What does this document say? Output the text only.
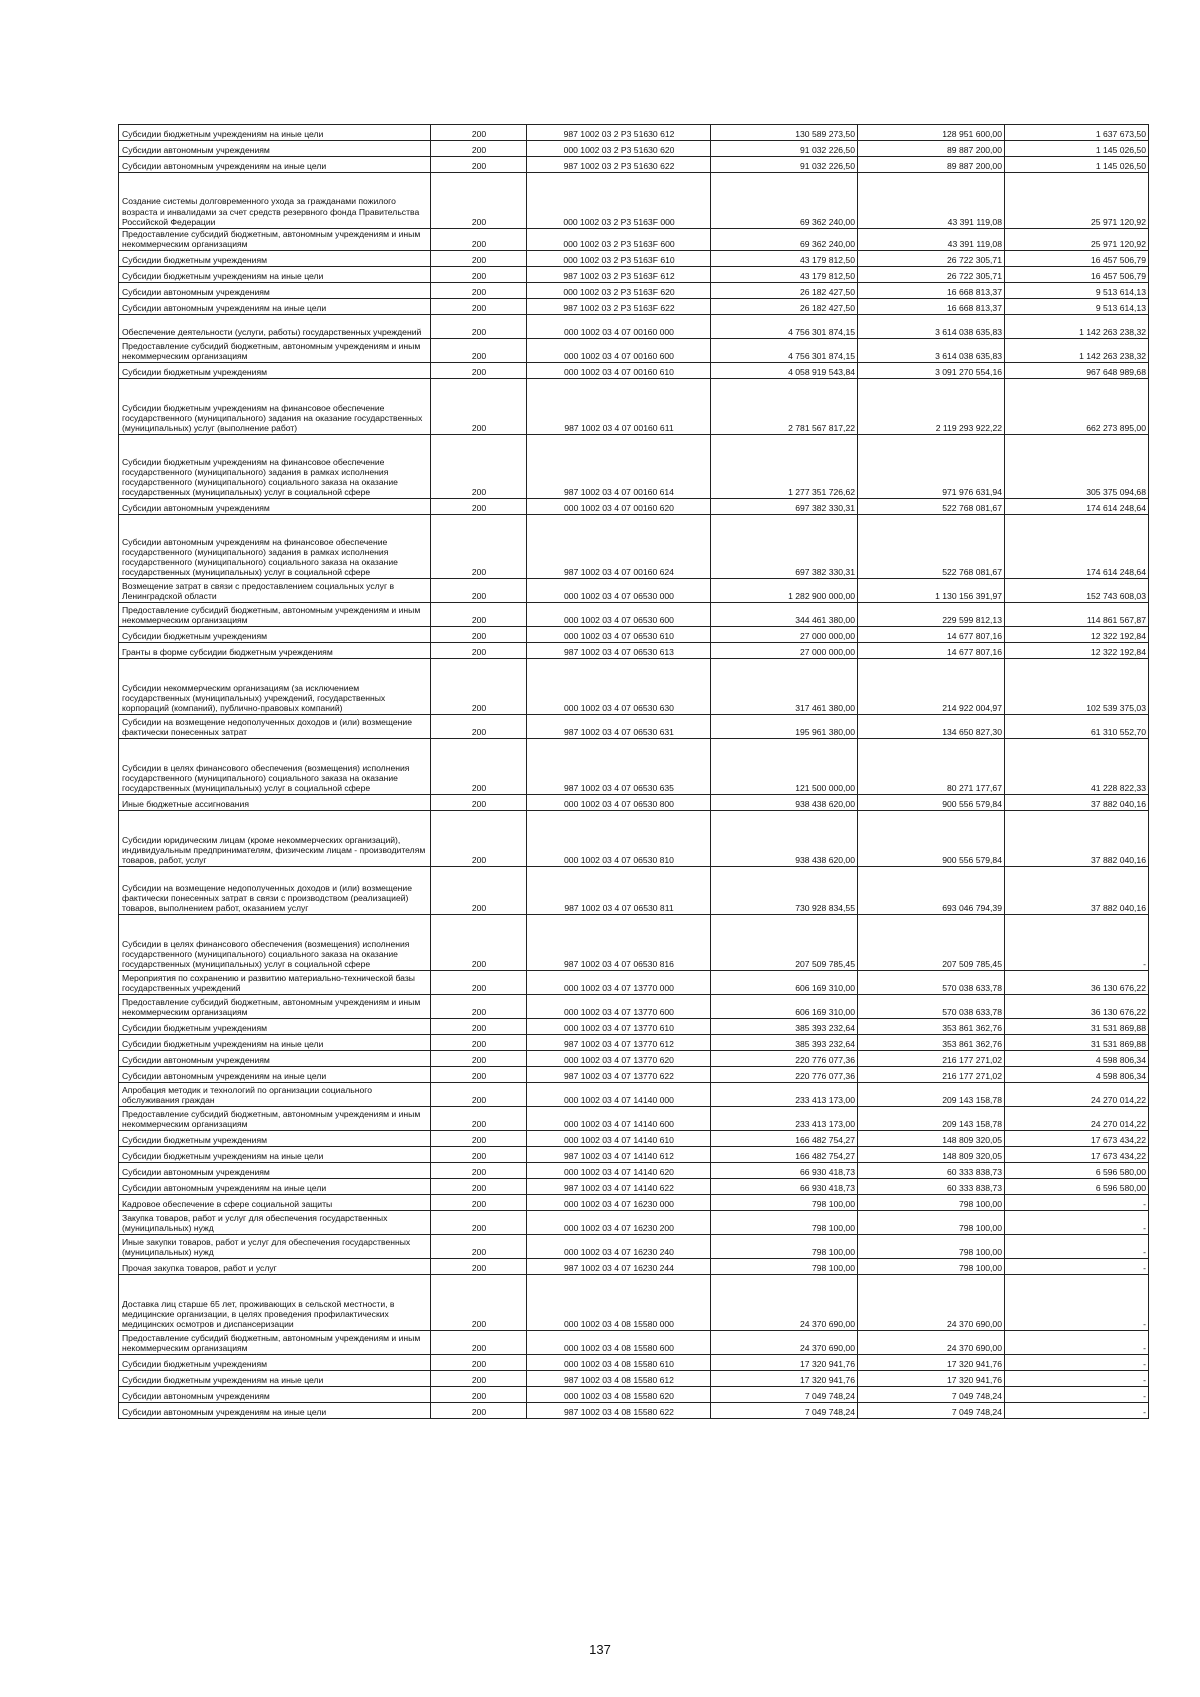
Субсидии бюджетным учреждениям на иные цели	200	987 1002 03 2 P3 51630 612	130 589 273,50	128 951 600,00	1 637 673,50
Субсидии автономным учреждениям	200	000 1002 03 2 P3 51630 620	91 032 226,50	89 887 200,00	1 145 026,50
Субсидии автономным учреждениям на иные цели	200	987 1002 03 2 P3 51630 622	91 032 226,50	89 887 200,00	1 145 026,50
Создание системы долговременного ухода за гражданами пожилого возраста и инвалидами за счет средств резервного фонда Правительства Российской Федерации	200	000 1002 03 2 P3 5163F 000	69 362 240,00	43 391 119,08	25 971 120,92
Предоставление субсидий бюджетным, автономным учреждениям и иным некоммерческим организациям	200	000 1002 03 2 P3 5163F 600	69 362 240,00	43 391 119,08	25 971 120,92
Субсидии бюджетным учреждениям	200	000 1002 03 2 P3 5163F 610	43 179 812,50	26 722 305,71	16 457 506,79
Субсидии бюджетным учреждениям на иные цели	200	987 1002 03 2 P3 5163F 612	43 179 812,50	26 722 305,71	16 457 506,79
Субсидии автономным учреждениям	200	000 1002 03 2 P3 5163F 620	26 182 427,50	16 668 813,37	9 513 614,13
Субсидии автономным учреждениям на иные цели	200	987 1002 03 2 P3 5163F 622	26 182 427,50	16 668 813,37	9 513 614,13
Обеспечение деятельности (услуги, работы) государственных учреждений	200	000 1002 03 4 07 00160 000	4 756 301 874,15	3 614 038 635,83	1 142 263 238,32
Предоставление субсидий бюджетным, автономным учреждениям и иным некоммерческим организациям	200	000 1002 03 4 07 00160 600	4 756 301 874,15	3 614 038 635,83	1 142 263 238,32
Субсидии бюджетным учреждениям	200	000 1002 03 4 07 00160 610	4 058 919 543,84	3 091 270 554,16	967 648 989,68
Субсидии бюджетным учреждениям на финансовое обеспечение государственного (муниципального) задания на оказание государственных (муниципальных) услуг (выполнение работ)	200	987 1002 03 4 07 00160 611	2 781 567 817,22	2 119 293 922,22	662 273 895,00
Субсидии бюджетным учреждениям на финансовое обеспечение государственного (муниципального) задания в рамках исполнения государственного (муниципального) социального заказа на оказание государственных (муниципальных) услуг в социальной сфере	200	987 1002 03 4 07 00160 614	1 277 351 726,62	971 976 631,94	305 375 094,68
Субсидии автономным учреждениям	200	000 1002 03 4 07 00160 620	697 382 330,31	522 768 081,67	174 614 248,64
Субсидии автономным учреждениям на финансовое обеспечение государственного (муниципального) задания в рамках исполнения государственного (муниципального) социального заказа на оказание государственных (муниципальных) услуг в социальной сфере	200	987 1002 03 4 07 00160 624	697 382 330,31	522 768 081,67	174 614 248,64
Возмещение затрат в связи с предоставлением социальных услуг в Ленинградской области	200	000 1002 03 4 07 06530 000	1 282 900 000,00	1 130 156 391,97	152 743 608,03
Предоставление субсидий бюджетным, автономным учреждениям и иным некоммерческим организациям	200	000 1002 03 4 07 06530 600	344 461 380,00	229 599 812,13	114 861 567,87
Субсидии бюджетным учреждениям	200	000 1002 03 4 07 06530 610	27 000 000,00	14 677 807,16	12 322 192,84
Гранты в форме субсидии бюджетным учреждениям	200	987 1002 03 4 07 06530 613	27 000 000,00	14 677 807,16	12 322 192,84
Субсидии некоммерческим организациям (за исключением государственных (муниципальных) учреждений, государственных корпораций (компаний), публично-правовых компаний)	200	000 1002 03 4 07 06530 630	317 461 380,00	214 922 004,97	102 539 375,03
Субсидии на возмещение недополученных доходов и (или) возмещение фактически понесенных затрат	200	987 1002 03 4 07 06530 631	195 961 380,00	134 650 827,30	61 310 552,70
Субсидии в целях финансового обеспечения (возмещения) исполнения государственного (муниципального) социального заказа на оказание государственных (муниципальных) услуг в социальной сфере	200	987 1002 03 4 07 06530 635	121 500 000,00	80 271 177,67	41 228 822,33
Иные бюджетные ассигнования	200	000 1002 03 4 07 06530 800	938 438 620,00	900 556 579,84	37 882 040,16
Субсидии юридическим лицам (кроме некоммерческих организаций), индивидуальным предпринимателям, физическим лицам - производителям товаров, работ, услуг	200	000 1002 03 4 07 06530 810	938 438 620,00	900 556 579,84	37 882 040,16
Субсидии на возмещение недополученных доходов и (или) возмещение фактически понесенных затрат в связи с производством (реализацией) товаров, выполнением работ, оказанием услуг	200	987 1002 03 4 07 06530 811	730 928 834,55	693 046 794,39	37 882 040,16
Субсидии в целях финансового обеспечения (возмещения) исполнения государственного (муниципального) социального заказа на оказание государственных (муниципальных) услуг в социальной сфере	200	987 1002 03 4 07 06530 816	207 509 785,45	207 509 785,45	-
Мероприятия по сохранению и развитию материально-технической базы государственных учреждений	200	000 1002 03 4 07 13770 000	606 169 310,00	570 038 633,78	36 130 676,22
Предоставление субсидий бюджетным, автономным учреждениям и иным некоммерческим организациям	200	000 1002 03 4 07 13770 600	606 169 310,00	570 038 633,78	36 130 676,22
Субсидии бюджетным учреждениям	200	000 1002 03 4 07 13770 610	385 393 232,64	353 861 362,76	31 531 869,88
Субсидии бюджетным учреждениям на иные цели	200	987 1002 03 4 07 13770 612	385 393 232,64	353 861 362,76	31 531 869,88
Субсидии автономным учреждениям	200	000 1002 03 4 07 13770 620	220 776 077,36	216 177 271,02	4 598 806,34
Субсидии автономным учреждениям на иные цели	200	987 1002 03 4 07 13770 622	220 776 077,36	216 177 271,02	4 598 806,34
Апробация методик и технологий по организации социального обслуживания граждан	200	000 1002 03 4 07 14140 000	233 413 173,00	209 143 158,78	24 270 014,22
Предоставление субсидий бюджетным, автономным учреждениям и иным некоммерческим организациям	200	000 1002 03 4 07 14140 600	233 413 173,00	209 143 158,78	24 270 014,22
Субсидии бюджетным учреждениям	200	000 1002 03 4 07 14140 610	166 482 754,27	148 809 320,05	17 673 434,22
Субсидии бюджетным учреждениям на иные цели	200	987 1002 03 4 07 14140 612	166 482 754,27	148 809 320,05	17 673 434,22
Субсидии автономным учреждениям	200	000 1002 03 4 07 14140 620	66 930 418,73	60 333 838,73	6 596 580,00
Субсидии автономным учреждениям на иные цели	200	987 1002 03 4 07 14140 622	66 930 418,73	60 333 838,73	6 596 580,00
Кадровое обеспечение в сфере социальной защиты	200	000 1002 03 4 07 16230 000	798 100,00	798 100,00	-
Закупка товаров, работ и услуг для обеспечения государственных (муниципальных) нужд	200	000 1002 03 4 07 16230 200	798 100,00	798 100,00	-
Иные закупки товаров, работ и услуг для обеспечения государственных (муниципальных) нужд	200	000 1002 03 4 07 16230 240	798 100,00	798 100,00	-
Прочая закупка товаров, работ и услуг	200	987 1002 03 4 07 16230 244	798 100,00	798 100,00	-
Доставка лиц старше 65 лет, проживающих в сельской местности, в медицинские организации, в целях проведения профилактических медицинских осмотров и диспансеризации	200	000 1002 03 4 08 15580 000	24 370 690,00	24 370 690,00	-
Предоставление субсидий бюджетным, автономным учреждениям и иным некоммерческим организациям	200	000 1002 03 4 08 15580 600	24 370 690,00	24 370 690,00	-
Субсидии бюджетным учреждениям	200	000 1002 03 4 08 15580 610	17 320 941,76	17 320 941,76	-
Субсидии бюджетным учреждениям на иные цели	200	987 1002 03 4 08 15580 612	17 320 941,76	17 320 941,76	-
Субсидии автономным учреждениям	200	000 1002 03 4 08 15580 620	7 049 748,24	7 049 748,24	-
Субсидии автономным учреждениям на иные цели	200	987 1002 03 4 08 15580 622	7 049 748,24	7 049 748,24	-
137
